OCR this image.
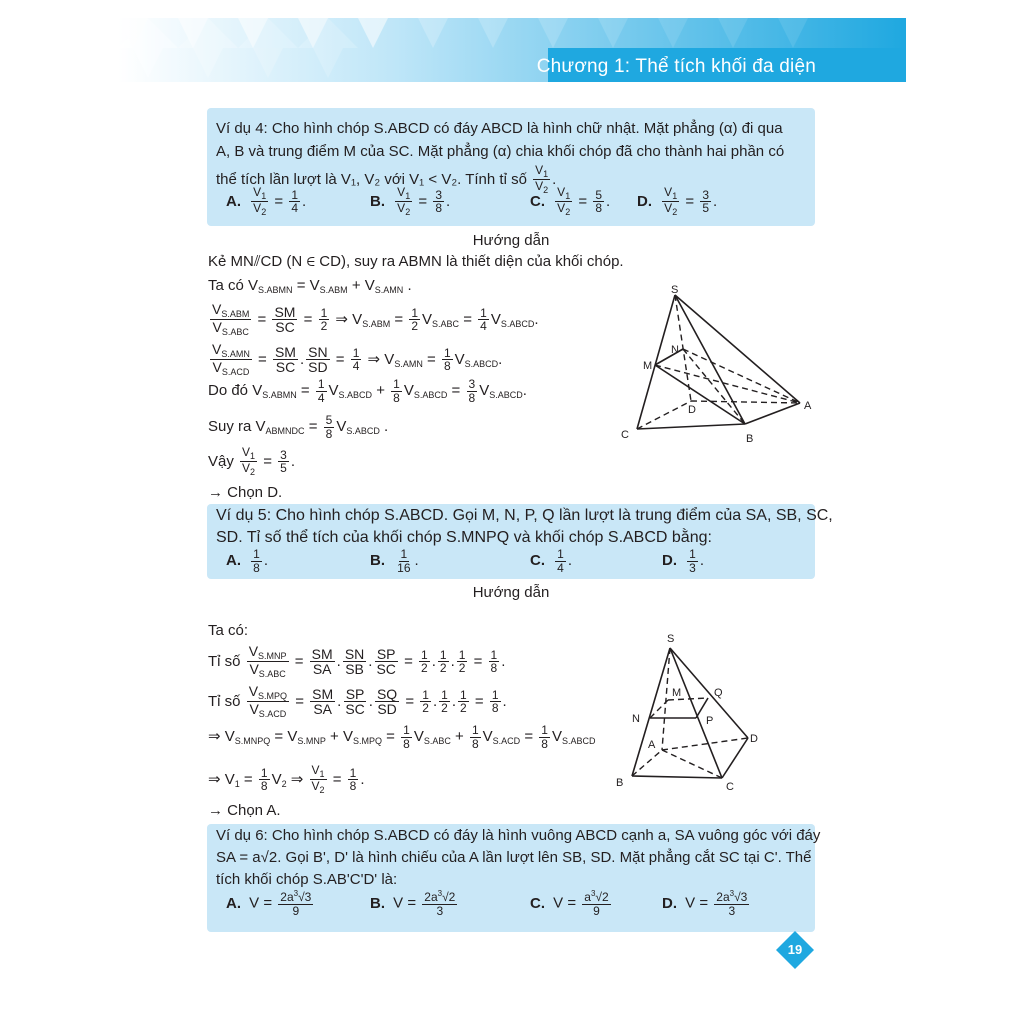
Chương 1: Thể tích khối đa diện
Ví dụ 4: Cho hình chóp S.ABCD có đáy ABCD là hình chữ nhật. Mặt phẳng (α) đi qua
A, B và trung điểm M của SC. Mặt phẳng (α) chia khối chóp đã cho thành hai phần có
thể tích lần lượt là V₁, V₂ với V₁ < V₂. Tính tỉ số $\frac{V_1}{V_2}$ .
A. $\frac{V_1}{V_2} = \frac{1}{4}$ .	B. $\frac{V_1}{V_2} = \frac{3}{8}$ .	C. $\frac{V_1}{V_2} = \frac{5}{8}$ . D. $\frac{V_1}{V_2} = \frac{3}{5}$ .
Hướng dẫn
Kẻ MN⫽CD (N ∈ CD), suy ra ABMN là thiết diện của khối chóp.
Ta có $V_{S.ABMN} = V_{S.ABM} + V_{S.AMN}$ .
$\frac{V_{S.ABM}}{V_{S.ABC}} = \frac{SM}{SC} = \frac{1}{2}$ ⇒ $V_{S.ABM} = \frac{1}{2} V_{S.ABC} = \frac{1}{4} V_{S.ABCD}$.
$\frac{V_{S.AMN}}{V_{S.ACD}} = \frac{SM}{SC}$ . $\frac{SN}{SD} = \frac{1}{4}$ ⇒ $V_{S.AMN} = \frac{1}{8} V_{S.ABCD}$.
Do đó $V_{S.ABMN} = \frac{1}{4} V_{S.ABCD} + \frac{1}{8} V_{S.ABCD} = \frac{3}{8} V_{S.ABCD}$.
Suy ra $V_{ABMNDC} = \frac{5}{8} V_{S.ABCD}$ .
Vậy $\frac{V_1}{V_2} = \frac{3}{5}$ .
→ Chọn D.
S
N
M
D	A
C	B
Ví dụ 5: Cho hình chóp S.ABCD. Gọi M, N, P, Q lần lượt là trung điểm của SA, SB, SC,
SD. Tỉ số thể tích của khối chóp S.MNPQ và khối chóp S.ABCD bằng:
A. $\frac{1}{8}$ .	B. $\frac{1}{16}$ .	C. $\frac{1}{4}$ .	D. $\frac{1}{3}$ .
Hướng dẫn
Ta có:
Tỉ số $\frac{V_{S.MNP}}{V_{S.ABC}} = \frac{SM}{SA}$ . $\frac{SN}{SB}$ . $\frac{SP}{SC} = \frac{1}{2}$ . $\frac{1}{2}$ . $\frac{1}{2} = \frac{1}{8}$ .
Tỉ số $\frac{V_{S.MPQ}}{V_{S.ACD}} = \frac{SM}{SA}$ . $\frac{SP}{SC}$ . $\frac{SQ}{SD} = \frac{1}{2}$ . $\frac{1}{2}$ . $\frac{1}{2} = \frac{1}{8}$ .
⇒ $V_{S.MNPQ} = V_{S.MNP} + V_{S.MPQ} = \frac{1}{8} V_{S.ABC} + \frac{1}{8} V_{S.ACD} = \frac{1}{8} V_{S.ABCD}$
⇒ $V_1 = \frac{1}{8} V_2$ ⇒ $\frac{V_1}{V_2} = \frac{1}{8}$ .
→ Chọn A.
S
M	Q
N	P
A	D
B	C
Ví dụ 6: Cho hình chóp S.ABCD có đáy là hình vuông ABCD cạnh a, SA vuông góc với đáy
SA = a√2. Gọi B', D' là hình chiếu của A lần lượt lên SB, SD. Mặt phẳng cắt SC tại C'. Thể
tích khối chóp S.AB'C'D' là:
A. $V = \frac{2a^3√3}{9}$	B. $V = \frac{2a^3√2}{3}$	C. $V = \frac{a^3√2}{9}$	D. $V = \frac{2a^3√3}{3}$
19
